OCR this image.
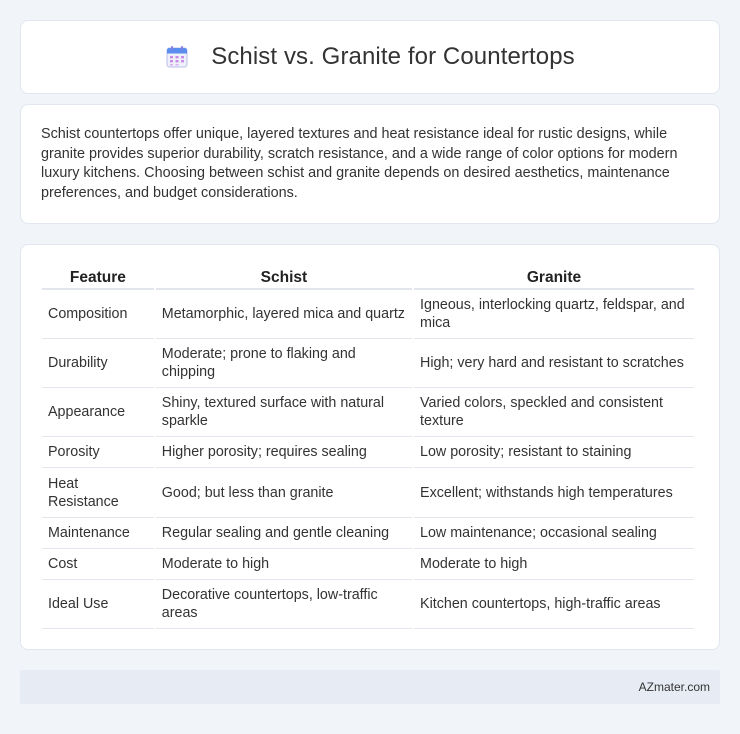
Schist vs. Granite for Countertops

Schist countertops offer unique, layered textures and heat resistance ideal for rustic designs, while granite provides superior durability, scratch resistance, and a wide range of color options for modern luxury kitchens. Choosing between schist and granite depends on desired aesthetics, maintenance preferences, and budget considerations.

Feature	Schist	Granite
Composition	Metamorphic, layered mica and quartz	Igneous, interlocking quartz, feldspar, and mica
Durability	Moderate; prone to flaking and chipping	High; very hard and resistant to scratches
Appearance	Shiny, textured surface with natural sparkle	Varied colors, speckled and consistent texture
Porosity	Higher porosity; requires sealing	Low porosity; resistant to staining
Heat Resistance	Good; but less than granite	Excellent; withstands high temperatures
Maintenance	Regular sealing and gentle cleaning	Low maintenance; occasional sealing
Cost	Moderate to high	Moderate to high
Ideal Use	Decorative countertops, low-traffic areas	Kitchen countertops, high-traffic areas
AZmater.com
